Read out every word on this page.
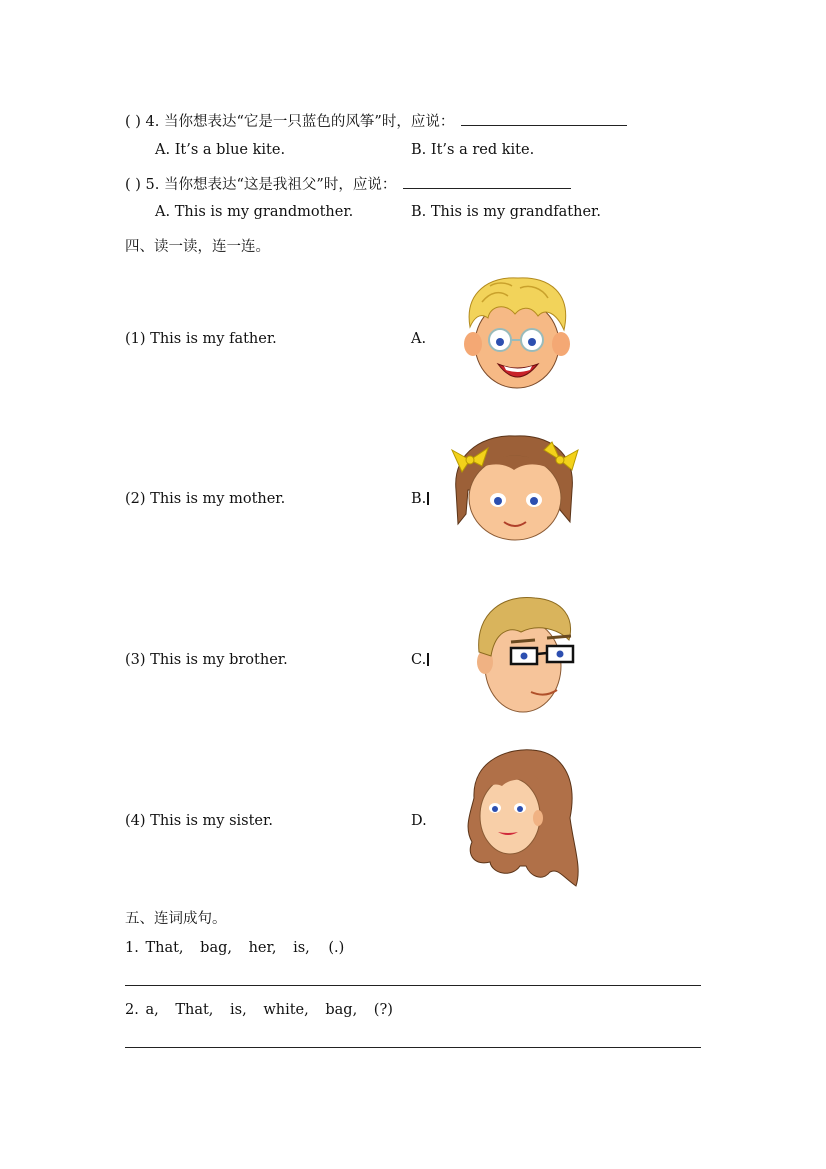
( ) 4. 当你想表达“它是一只蓝色的风筝”时，应说：
A. It’s a blue kite.	B. It’s a red kite.
( ) 5. 当你想表达“这是我祖父”时，应说：
A. This is my grandmother.	B. This is my grandfather.
四、读一读，连一连。
(1) This is my father.	A.
(2) This is my mother.	B.
(3) This is my brother.	C.
(4) This is my sister.	D.
五、连词成句。
1. That, bag, her, is, (.)
2. a, That, is, white, bag, (?)
